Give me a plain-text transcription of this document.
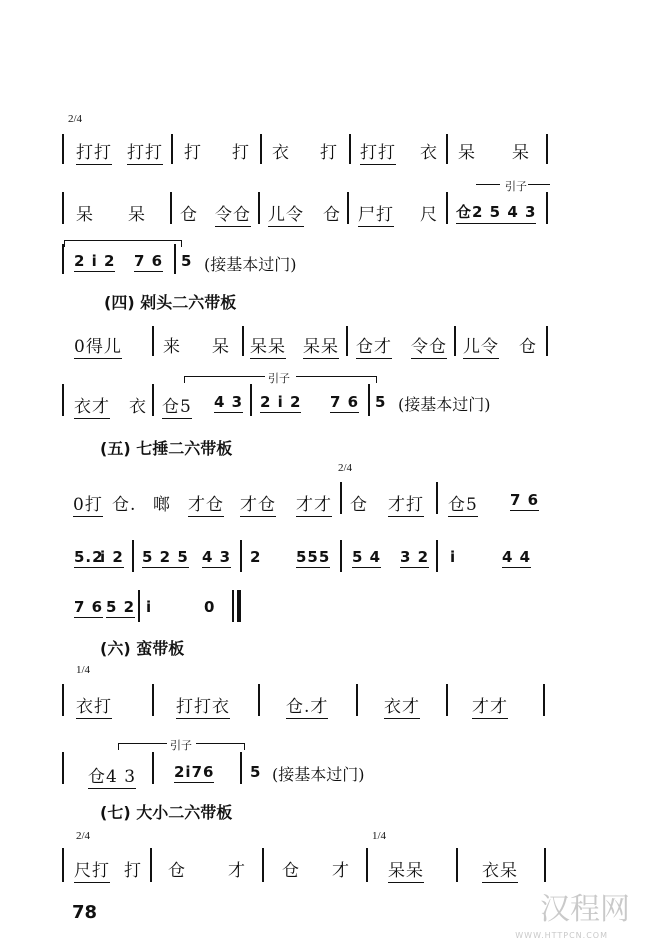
2/4
打打 打打 打 打 衣 打 打打 衣 呆 呆
引子
呆 呆 仓 令仓 儿令 仓 尸打 尺 仓2 5 4 3
2 i 2 7 6 5 (接基本过门)
(四) 剁头二六带板
0得儿 来 呆 呆呆 呆呆 仓才 令仓 儿令 仓
引子
衣才 衣 仓5 4 3 2 i 2 7 6 5 (接基本过门)
(五) 七捶二六带板
2/4
0打 仓. 啷 才仓 才仓 才才 仓 才打 仓5 7 6
5.2
i 2 5 2 5 4 3 2 555 5 4 3 2 i	4 4
7 6 5 2 i	0
(六) 蛮带板
1/4
衣打	打打衣	仓.才	衣才	才才
引子
仓4 3	2i76 5 (接基本过门)
(七) 大小二六带板
2/4	1/4
尺打 打 仓 才 仓 才 呆呆	衣呆
78	汉程网
WWW.HTTPCN.COM
